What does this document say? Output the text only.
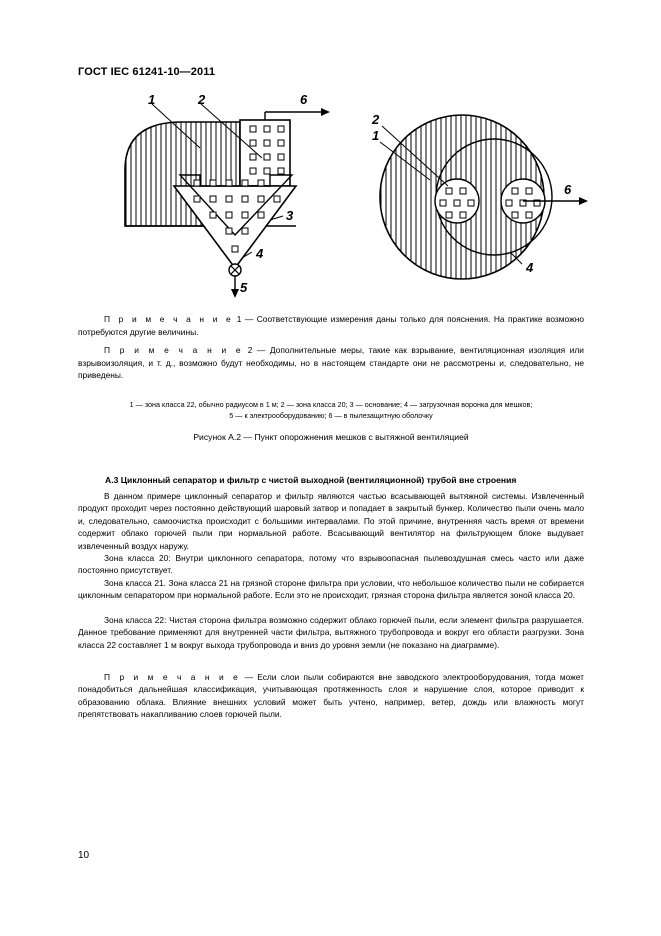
ГОСТ IEC 61241-10—2011
1	2	6
3
4
5
2
1
6
4
П р и м е ч а н и е 1 — Соответствующие измерения даны только для пояснения. На практике возможно потребуются другие величины.
П р и м е ч а н и е 2 — Дополнительные меры, такие как взрывание, вентиляционная изоляция или взрывоизоляция, и т. д., возможно будут необходимы, но в настоящем стандарте они не рассмотрены и, следовательно, не приведены.
1 — зона класса 22, обычно радиусом в 1 м; 2 — зона класса 20; 3 — основание; 4 — загрузочная воронка для мешков;
5 — к электрооборудованию; 6 — в пылезащитную оболочку
Рисунок А.2 — Пункт опорожнения мешков с вытяжной вентиляцией
А.3 Циклонный сепаратор и фильтр с чистой выходной (вентиляционной) трубой вне строения
В данном примере циклонный сепаратор и фильтр являются частью всасывающей вытяжной системы. Извлеченный продукт проходит через постоянно действующий шаровый затвор и попадает в закрытый бункер. Количество пыли очень мало и, следовательно, самоочистка происходит с большими интервалами. По этой причине, внутренняя часть время от времени содержит облако горючей пыли при нормальной работе. Всасывающий вентилятор на фильтрующем блоке выдувает извлеченный воздух наружу.
Зона класса 20: Внутри циклонного сепаратора, потому что взрывоопасная пылевоздушная смесь часто или даже постоянно присутствует.
Зона класса 21. Зона класса 21 на грязной стороне фильтра при условии, что небольшое количество пыли не собирается циклонным сепаратором при нормальной работе. Если это не происходит, грязная сторона фильтра является зоной класса 20.
Зона класса 22: Чистая сторона фильтра возможно содержит облако горючей пыли, если элемент фильтра разрушается. Данное требование применяют для внутренней части фильтра, вытяжного трубопровода и вокруг его области разгрузки. Зона класса 22 составляет 1 м вокруг выхода трубопровода и вниз до уровня земли (не показано на диаграмме).
П р и м е ч а н и е — Если слои пыли собираются вне заводского электрооборудования, тогда может понадобиться дальнейшая классификация, учитывающая протяженность слоя и нарушение слоя, которое приводит к образованию облака. Влияние внешних условий может быть учтено, например, ветер, дождь или влажность могут препятствовать накапливанию слоев горючей пыли.
10
